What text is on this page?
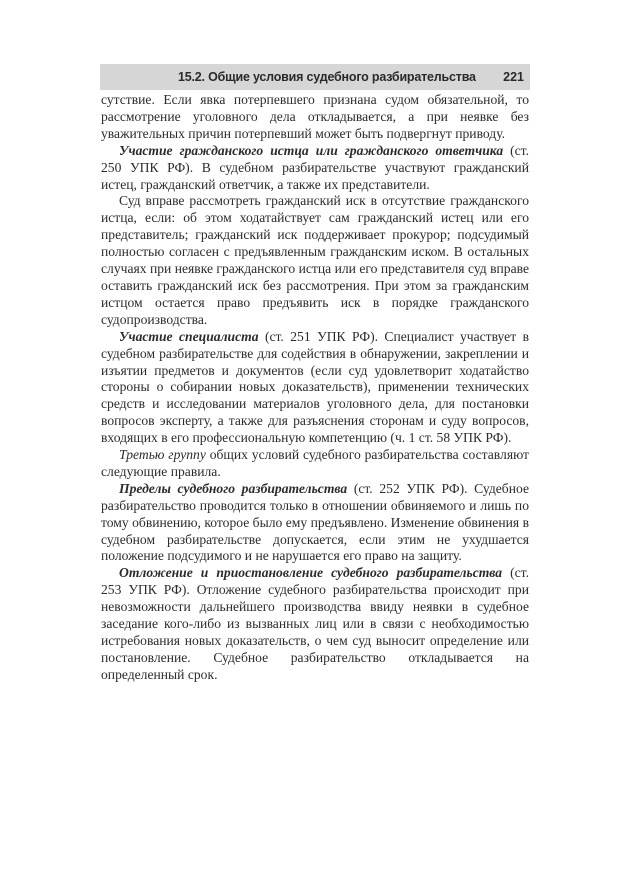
15.2. Общие условия судебного разбирательства 221

сутствие. Если явка потерпевшего признана судом обязательной, то рассмотрение уголовного дела откладывается, а при неявке без уважительных причин потерпевший может быть подвергнут приводу.

Участие гражданского истца или гражданского ответчика (ст. 250 УПК РФ). В судебном разбирательстве участвуют гражданский истец, гражданский ответчик, а также их представители.

Суд вправе рассмотреть гражданский иск в отсутствие гражданского истца, если: об этом ходатайствует сам гражданский истец или его представитель; гражданский иск поддерживает прокурор; подсудимый полностью согласен с предъявленным гражданским иском. В остальных случаях при неявке гражданского истца или его представителя суд вправе оставить гражданский иск без рассмотрения. При этом за гражданским истцом остается право предъявить иск в порядке гражданского судопроизводства.

Участие специалиста (ст. 251 УПК РФ). Специалист участвует в судебном разбирательстве для содействия в обнаружении, закреплении и изъятии предметов и документов (если суд удовлетворит ходатайство стороны о собирании новых доказательств), применении технических средств и исследовании материалов уголовного дела, для постановки вопросов эксперту, а также для разъяснения сторонам и суду вопросов, входящих в его профессиональную компетенцию (ч. 1 ст. 58 УПК РФ).

Третью группу общих условий судебного разбирательства составляют следующие правила.

Пределы судебного разбирательства (ст. 252 УПК РФ). Судебное разбирательство проводится только в отношении обвиняемого и лишь по тому обвинению, которое было ему предъявлено. Изменение обвинения в судебном разбирательстве допускается, если этим не ухудшается положение подсудимого и не нарушается его право на защиту.

Отложение и приостановление судебного разбирательства (ст. 253 УПК РФ). Отложение судебного разбирательства происходит при невозможности дальнейшего производства ввиду неявки в судебное заседание кого-либо из вызванных лиц или в связи с необходимостью истребования новых доказательств, о чем суд выносит определение или постановление. Судебное разбирательство откладывается на определенный срок.
